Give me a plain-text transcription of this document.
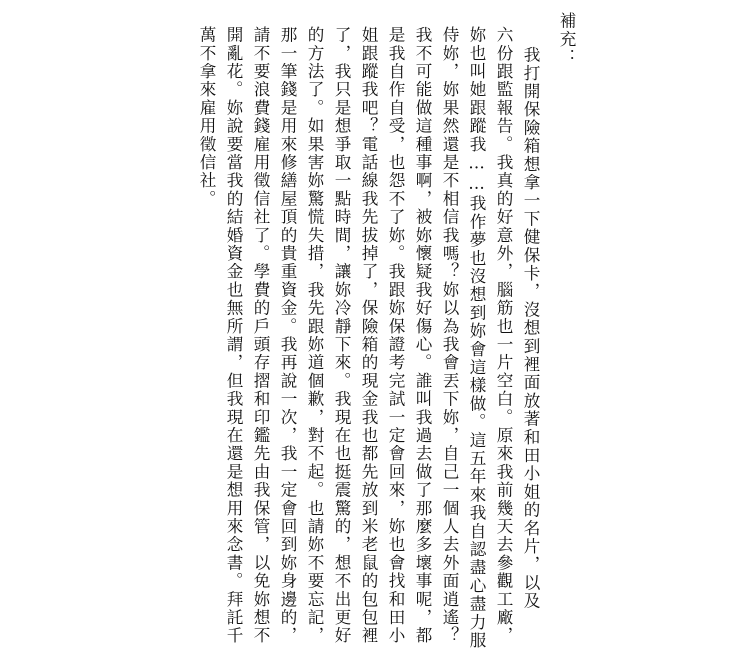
補充：
我打開保險箱想拿一下健保卡，沒想到裡面放著和田小姐的名片，以及
六份跟監報告。我真的好意外，腦筋也一片空白。原來我前幾天去參觀工廠，
妳也叫她跟蹤我……我作夢也沒想到妳會這樣做。這五年來我自認盡心盡力服
侍妳，妳果然還是不相信我嗎？妳以為我會丟下妳，自己一個人去外面逍遙？
我不可能做這種事啊，被妳懷疑我好傷心。誰叫我過去做了那麼多壞事呢，都
是我自作自受，也怨不了妳。我跟妳保證考完試一定會回來，妳也會找和田小
姐跟蹤我吧？電話線我先拔掉了，保險箱的現金我也都先放到米老鼠的包包裡
了，我只是想爭取一點時間，讓妳冷靜下來。我現在也挺震驚的，想不出更好
的方法了。如果害妳驚慌失措，我先跟妳道個歉，對不起。也請妳不要忘記，
那一筆錢是用來修繕屋頂的貴重資金。我再說一次，我一定會回到妳身邊的，
請不要浪費錢雇用徵信社了。學費的戶頭存摺和印鑑先由我保管，以免妳想不
開亂花。妳說要當我的結婚資金也無所謂，但我現在還是想用來念書。拜託千
萬不拿來雇用徵信社。
